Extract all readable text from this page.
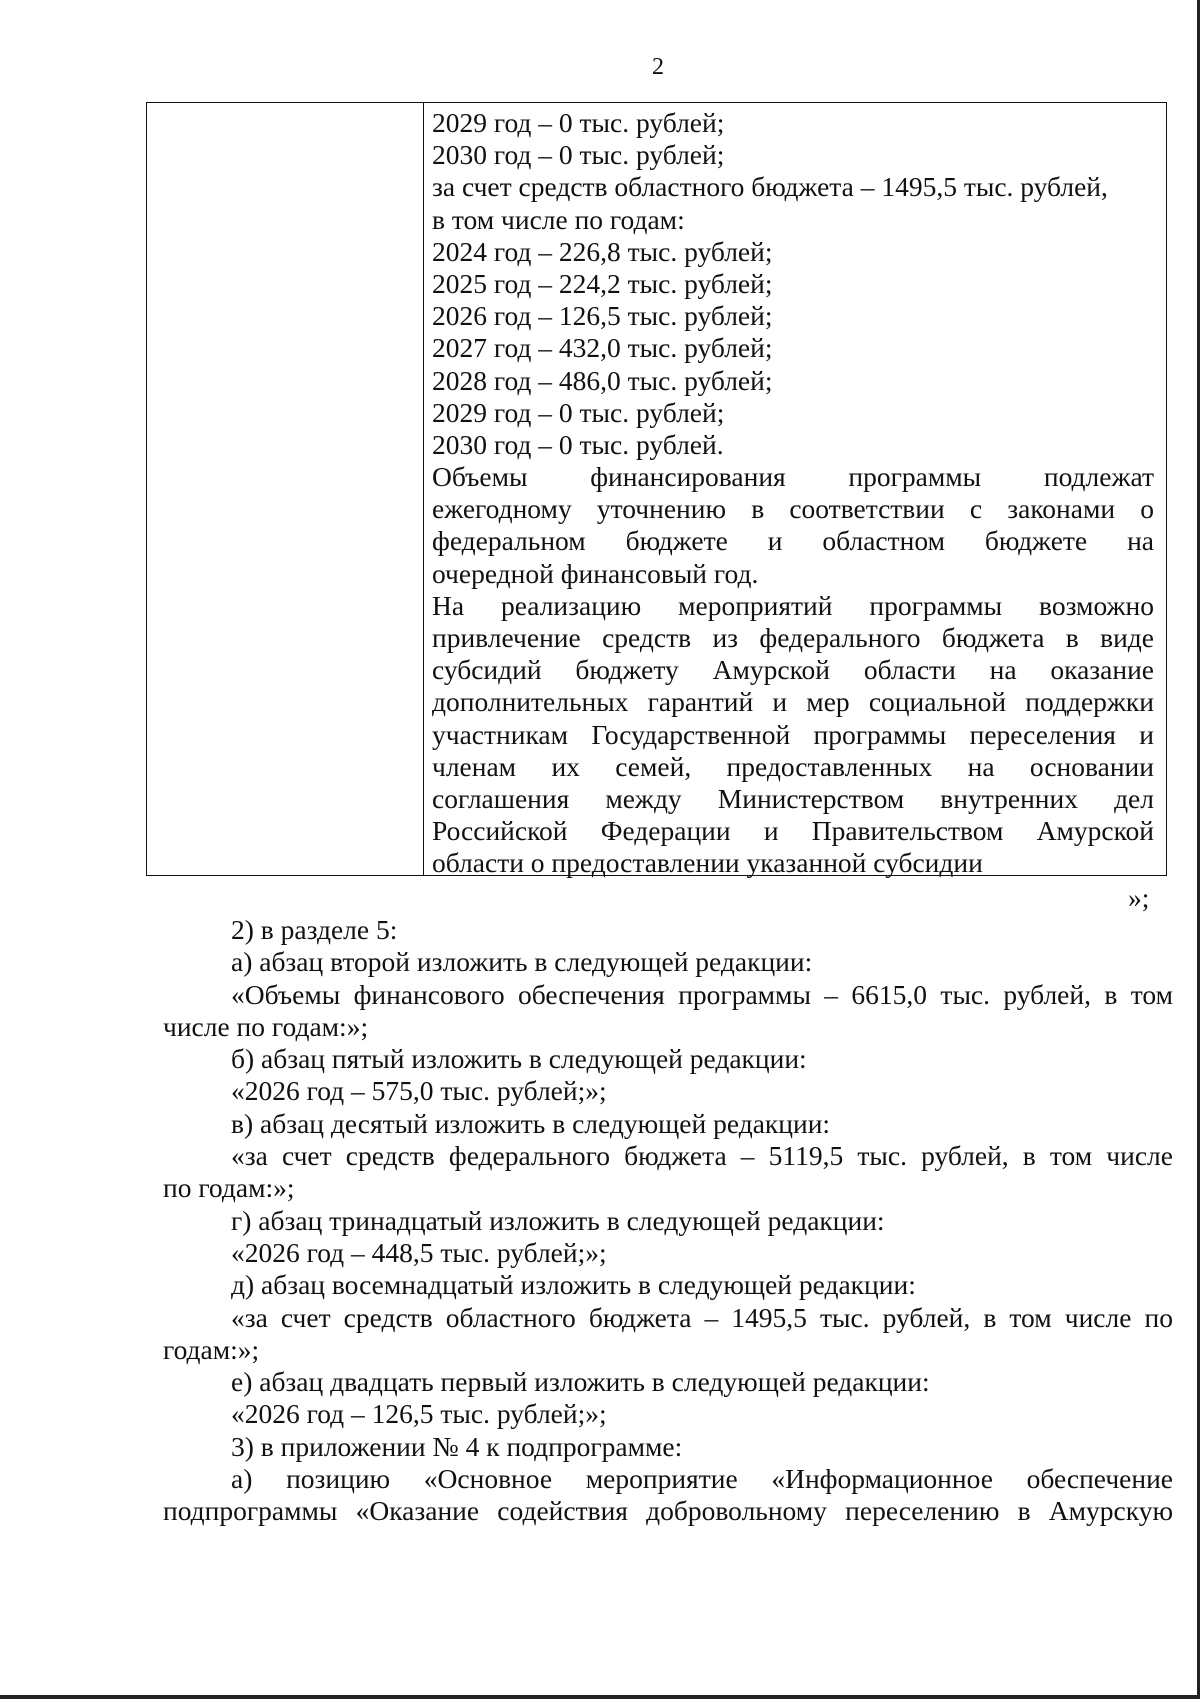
2
2029 год – 0 тыс. рублей;
2030 год – 0 тыс. рублей;
за счет средств областного бюджета – 1495,5 тыс. рублей,
в том числе по годам:
2024 год – 226,8 тыс. рублей;
2025 год – 224,2 тыс. рублей;
2026 год – 126,5 тыс. рублей;
2027 год – 432,0 тыс. рублей;
2028 год – 486,0 тыс. рублей;
2029 год – 0 тыс. рублей;
2030 год – 0 тыс. рублей.
Объемы финансирования программы подлежат
ежегодному уточнению в соответствии с законами о
федеральном бюджете и областном бюджете на
очередной финансовый год.
На реализацию мероприятий программы возможно
привлечение средств из федерального бюджета в виде
субсидий бюджету Амурской области на оказание
дополнительных гарантий и мер социальной поддержки
участникам Государственной программы переселения и
членам их семей, предоставленных на основании
соглашения между Министерством внутренних дел
Российской Федерации и Правительством Амурской
области о предоставлении указанной субсидии
»;
2) в разделе 5:
а) абзац второй изложить в следующей редакции:
«Объемы финансового обеспечения программы – 6615,0 тыс. рублей, в том
числе по годам:»;
б) абзац пятый изложить в следующей редакции:
«2026 год – 575,0 тыс. рублей;»;
в) абзац десятый изложить в следующей редакции:
«за счет средств федерального бюджета – 5119,5 тыс. рублей, в том числе
по годам:»;
г) абзац тринадцатый изложить в следующей редакции:
«2026 год – 448,5 тыс. рублей;»;
д) абзац восемнадцатый изложить в следующей редакции:
«за счет средств областного бюджета – 1495,5 тыс. рублей, в том числе по
годам:»;
е) абзац двадцать первый изложить в следующей редакции:
«2026 год – 126,5 тыс. рублей;»;
3) в приложении № 4 к подпрограмме:
а) позицию «Основное мероприятие «Информационное обеспечение
подпрограммы «Оказание содействия добровольному переселению в Амурскую
